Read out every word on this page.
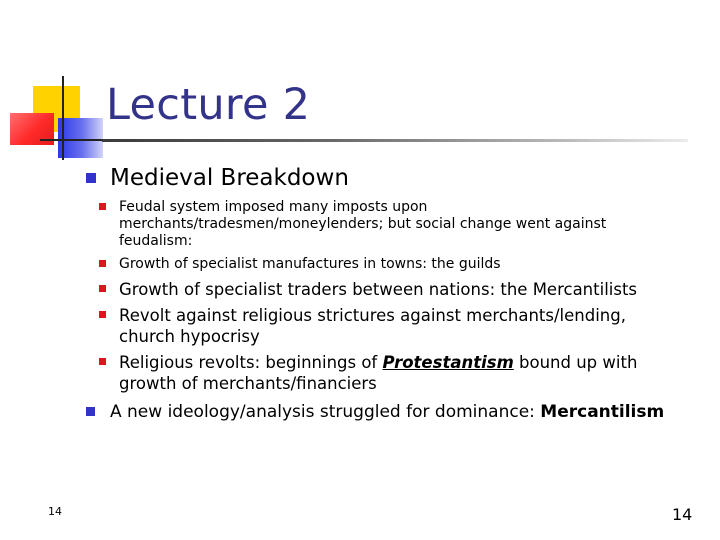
Lecture 2
Medieval Breakdown
Feudal system imposed many imposts upon merchants/tradesmen/moneylenders; but social change went against feudalism:
Growth of specialist manufactures in towns: the guilds
Growth of specialist traders between nations: the Mercantilists
Revolt against religious strictures against merchants/lending, church hypocrisy
Religious revolts: beginnings of Protestantism bound up with growth of merchants/financiers
A new ideology/analysis struggled for dominance: Mercantilism
14	14
